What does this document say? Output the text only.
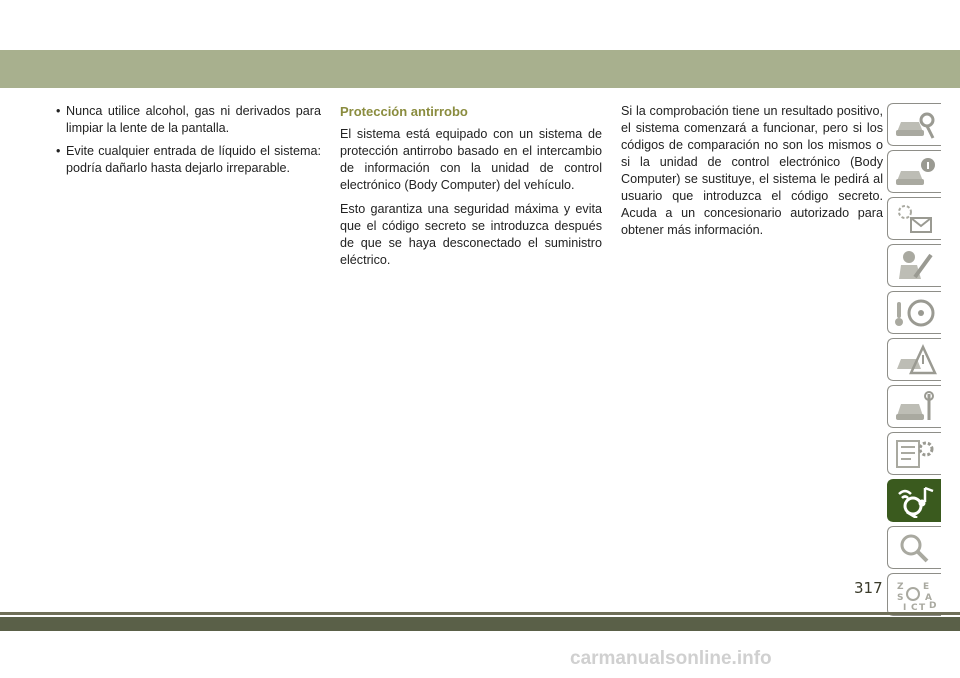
• Nunca utilice alcohol, gas ni derivados para limpiar la lente de la pantalla.
• Evite cualquier entrada de líquido el sistema: podría dañarlo hasta dejarlo irreparable.
Protección antirrobo

El sistema está equipado con un sistema de protección antirrobo basado en el intercambio de información con la unidad de control electrónico (Body Computer) del vehículo.

Esto garantiza una seguridad máxima y evita que el código secreto se introduzca después de que se haya desconectado el suministro eléctrico.

Si la comprobación tiene un resultado positivo, el sistema comenzará a funcionar, pero si los códigos de comparación no son los mismos o si la unidad de control electrónico (Body Computer) se sustituye, el sistema le pedirá al usuario que introduzca el código secreto. Acuda a un concesionario autorizado para obtener más información.

Z E
S A
I C T D
317
carmanualsonline.info
